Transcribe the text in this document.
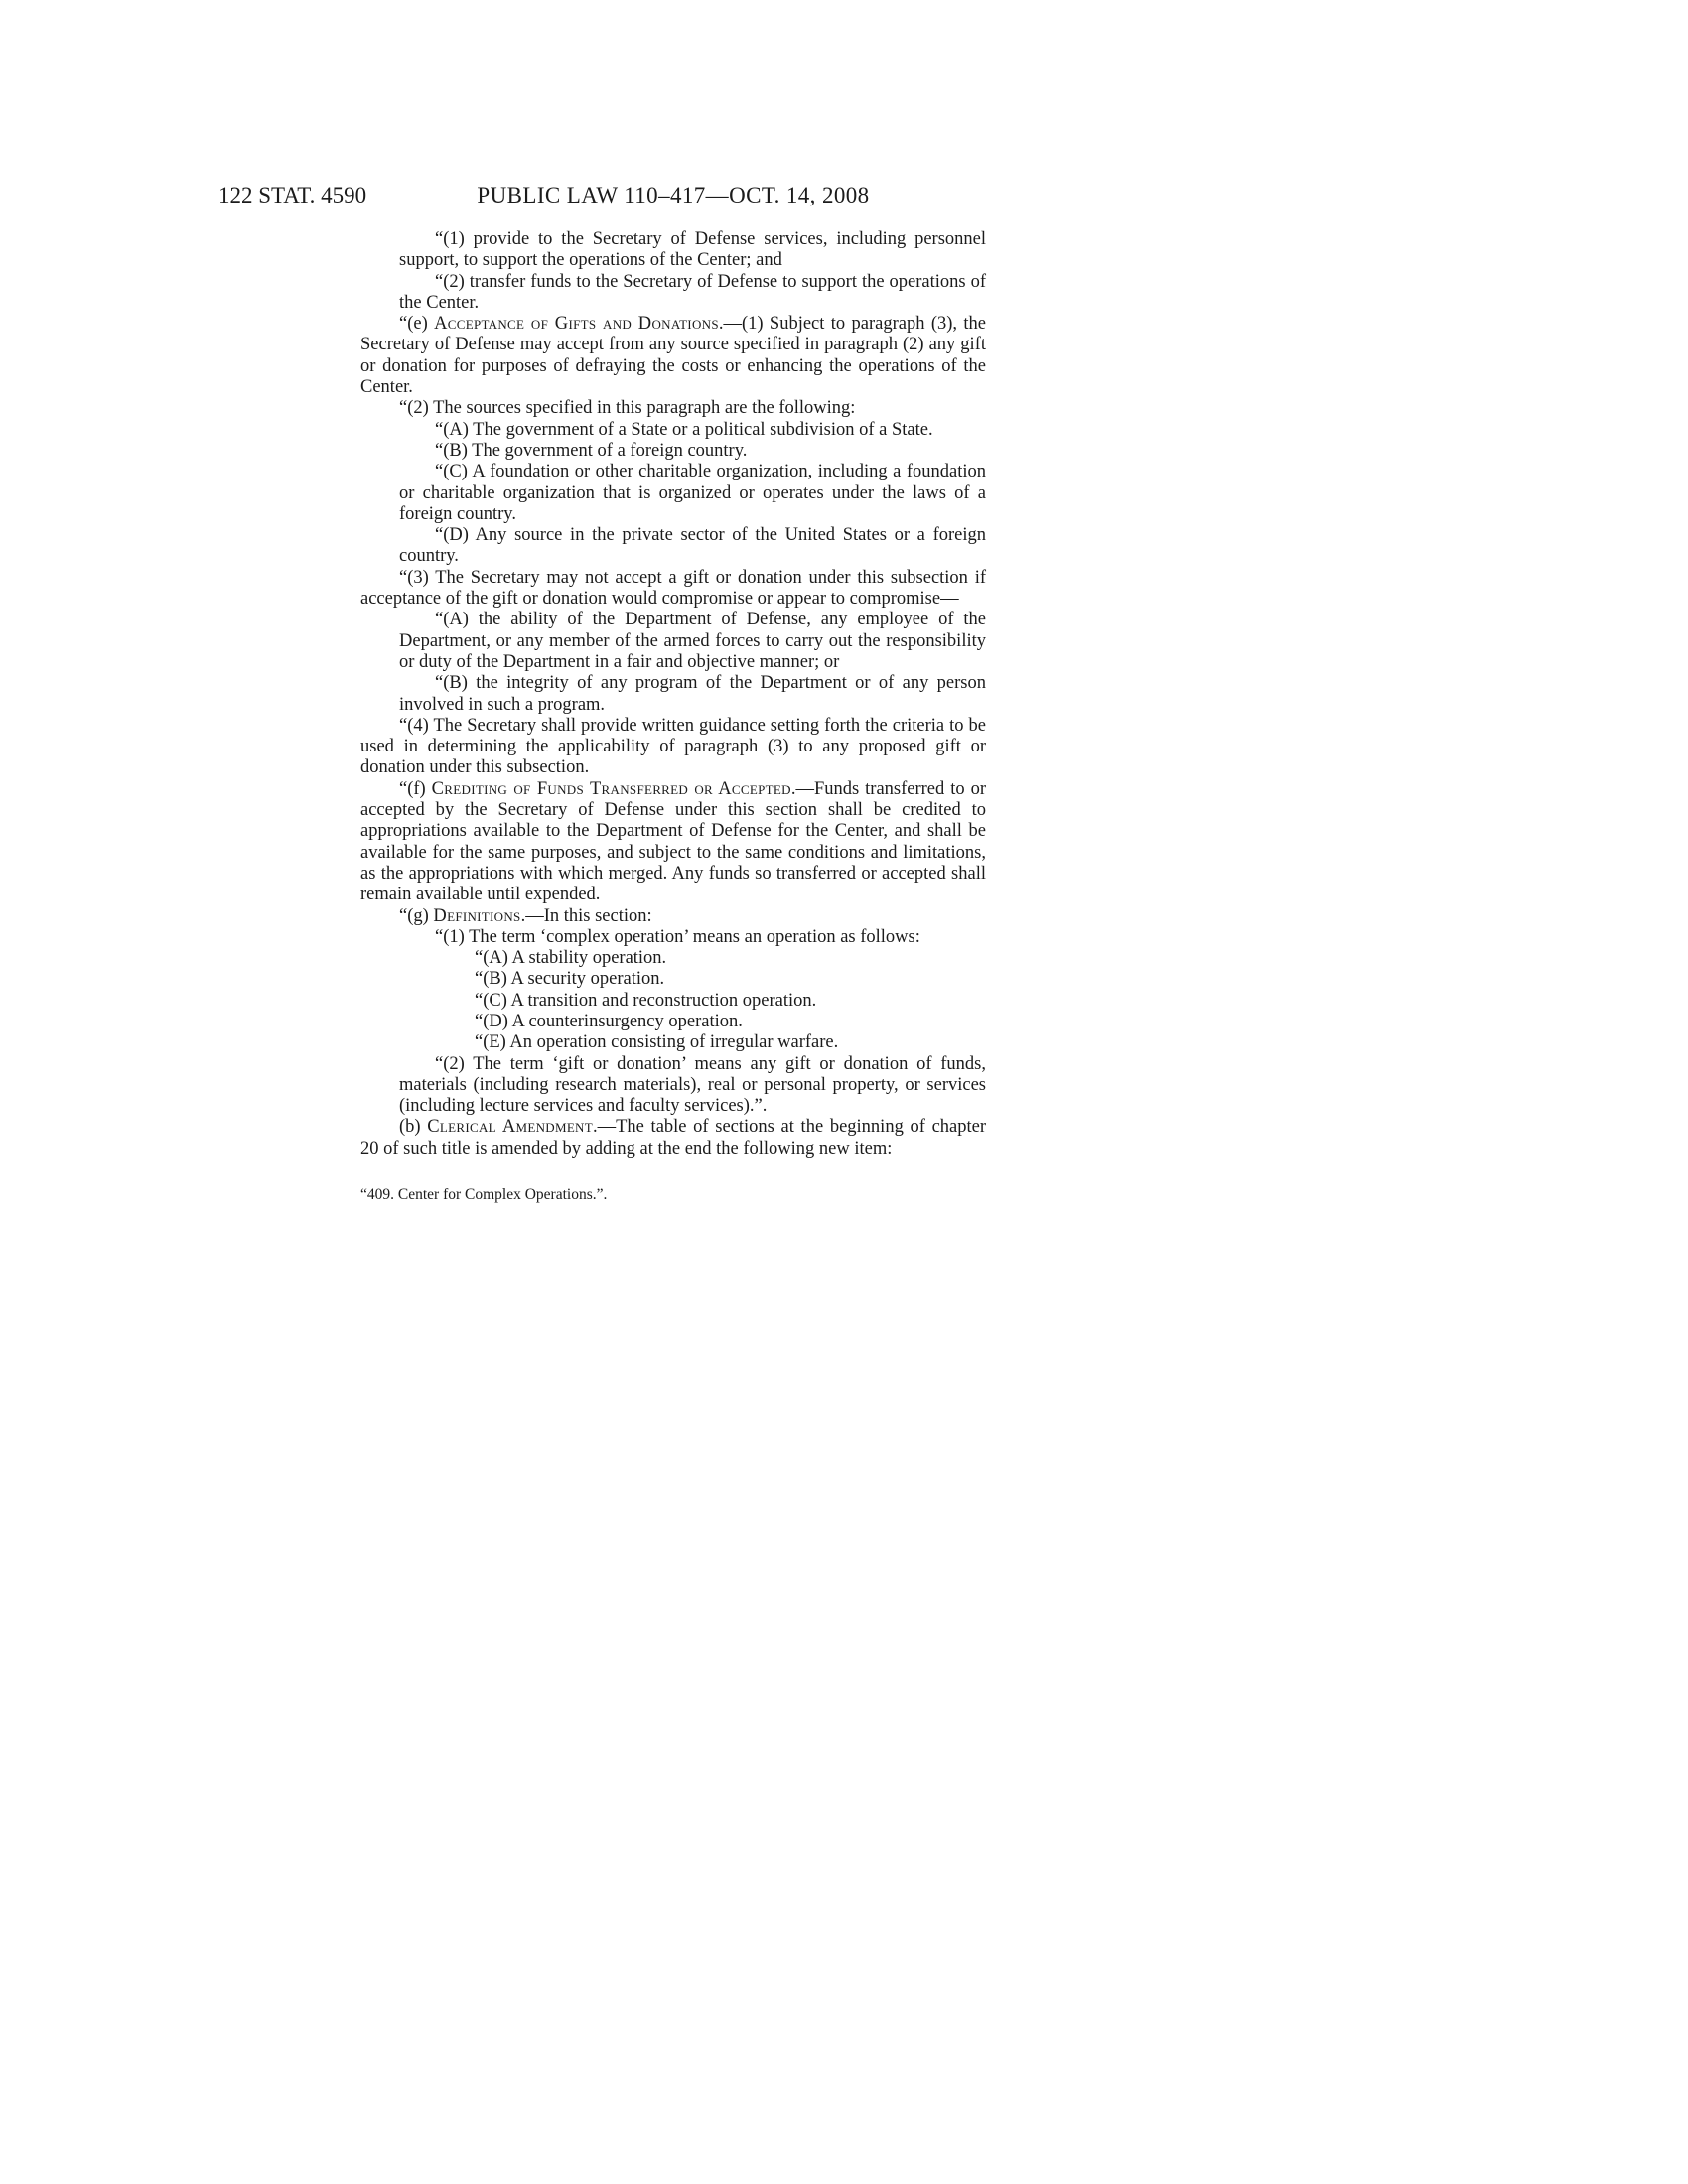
122 STAT. 4590	PUBLIC LAW 110–417—OCT. 14, 2008
“(1) provide to the Secretary of Defense services, including personnel support, to support the operations of the Center; and
“(2) transfer funds to the Secretary of Defense to support the operations of the Center.
“(e) Acceptance of Gifts and Donations.—(1) Subject to paragraph (3), the Secretary of Defense may accept from any source specified in paragraph (2) any gift or donation for purposes of defraying the costs or enhancing the operations of the Center.
“(2) The sources specified in this paragraph are the following:
“(A) The government of a State or a political subdivision of a State.
“(B) The government of a foreign country.
“(C) A foundation or other charitable organization, including a foundation or charitable organization that is organized or operates under the laws of a foreign country.
“(D) Any source in the private sector of the United States or a foreign country.
“(3) The Secretary may not accept a gift or donation under this subsection if acceptance of the gift or donation would compromise or appear to compromise—
“(A) the ability of the Department of Defense, any employee of the Department, or any member of the armed forces to carry out the responsibility or duty of the Department in a fair and objective manner; or
“(B) the integrity of any program of the Department or of any person involved in such a program.
“(4) The Secretary shall provide written guidance setting forth the criteria to be used in determining the applicability of paragraph (3) to any proposed gift or donation under this subsection.
“(f) Crediting of Funds Transferred or Accepted.—Funds transferred to or accepted by the Secretary of Defense under this section shall be credited to appropriations available to the Department of Defense for the Center, and shall be available for the same purposes, and subject to the same conditions and limitations, as the appropriations with which merged. Any funds so transferred or accepted shall remain available until expended.
“(g) Definitions.—In this section:
“(1) The term ‘complex operation’ means an operation as follows:
“(A) A stability operation.
“(B) A security operation.
“(C) A transition and reconstruction operation.
“(D) A counterinsurgency operation.
“(E) An operation consisting of irregular warfare.
“(2) The term ‘gift or donation’ means any gift or donation of funds, materials (including research materials), real or personal property, or services (including lecture services and faculty services).”.
(b) Clerical Amendment.—The table of sections at the beginning of chapter 20 of such title is amended by adding at the end the following new item:
“409. Center for Complex Operations.”.
